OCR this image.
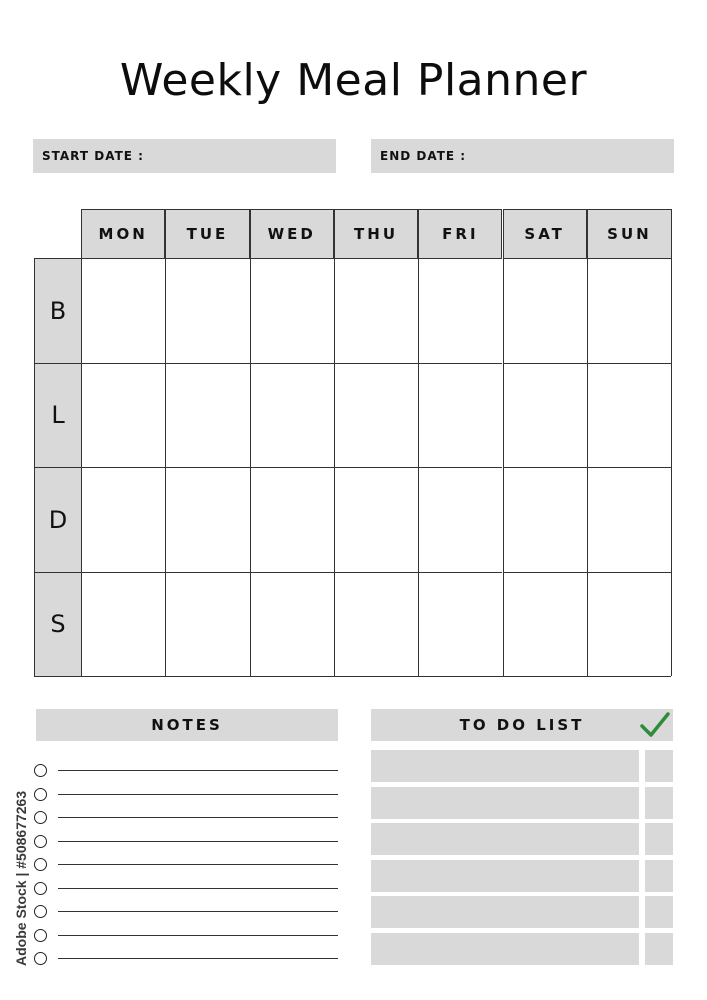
Weekly Meal Planner
START DATE :	END DATE :
MON	TUE	WED	THU	FRI	SAT	SUN
B
L
D
S
NOTES	TO DO LIST
Adobe Stock | #508677263
